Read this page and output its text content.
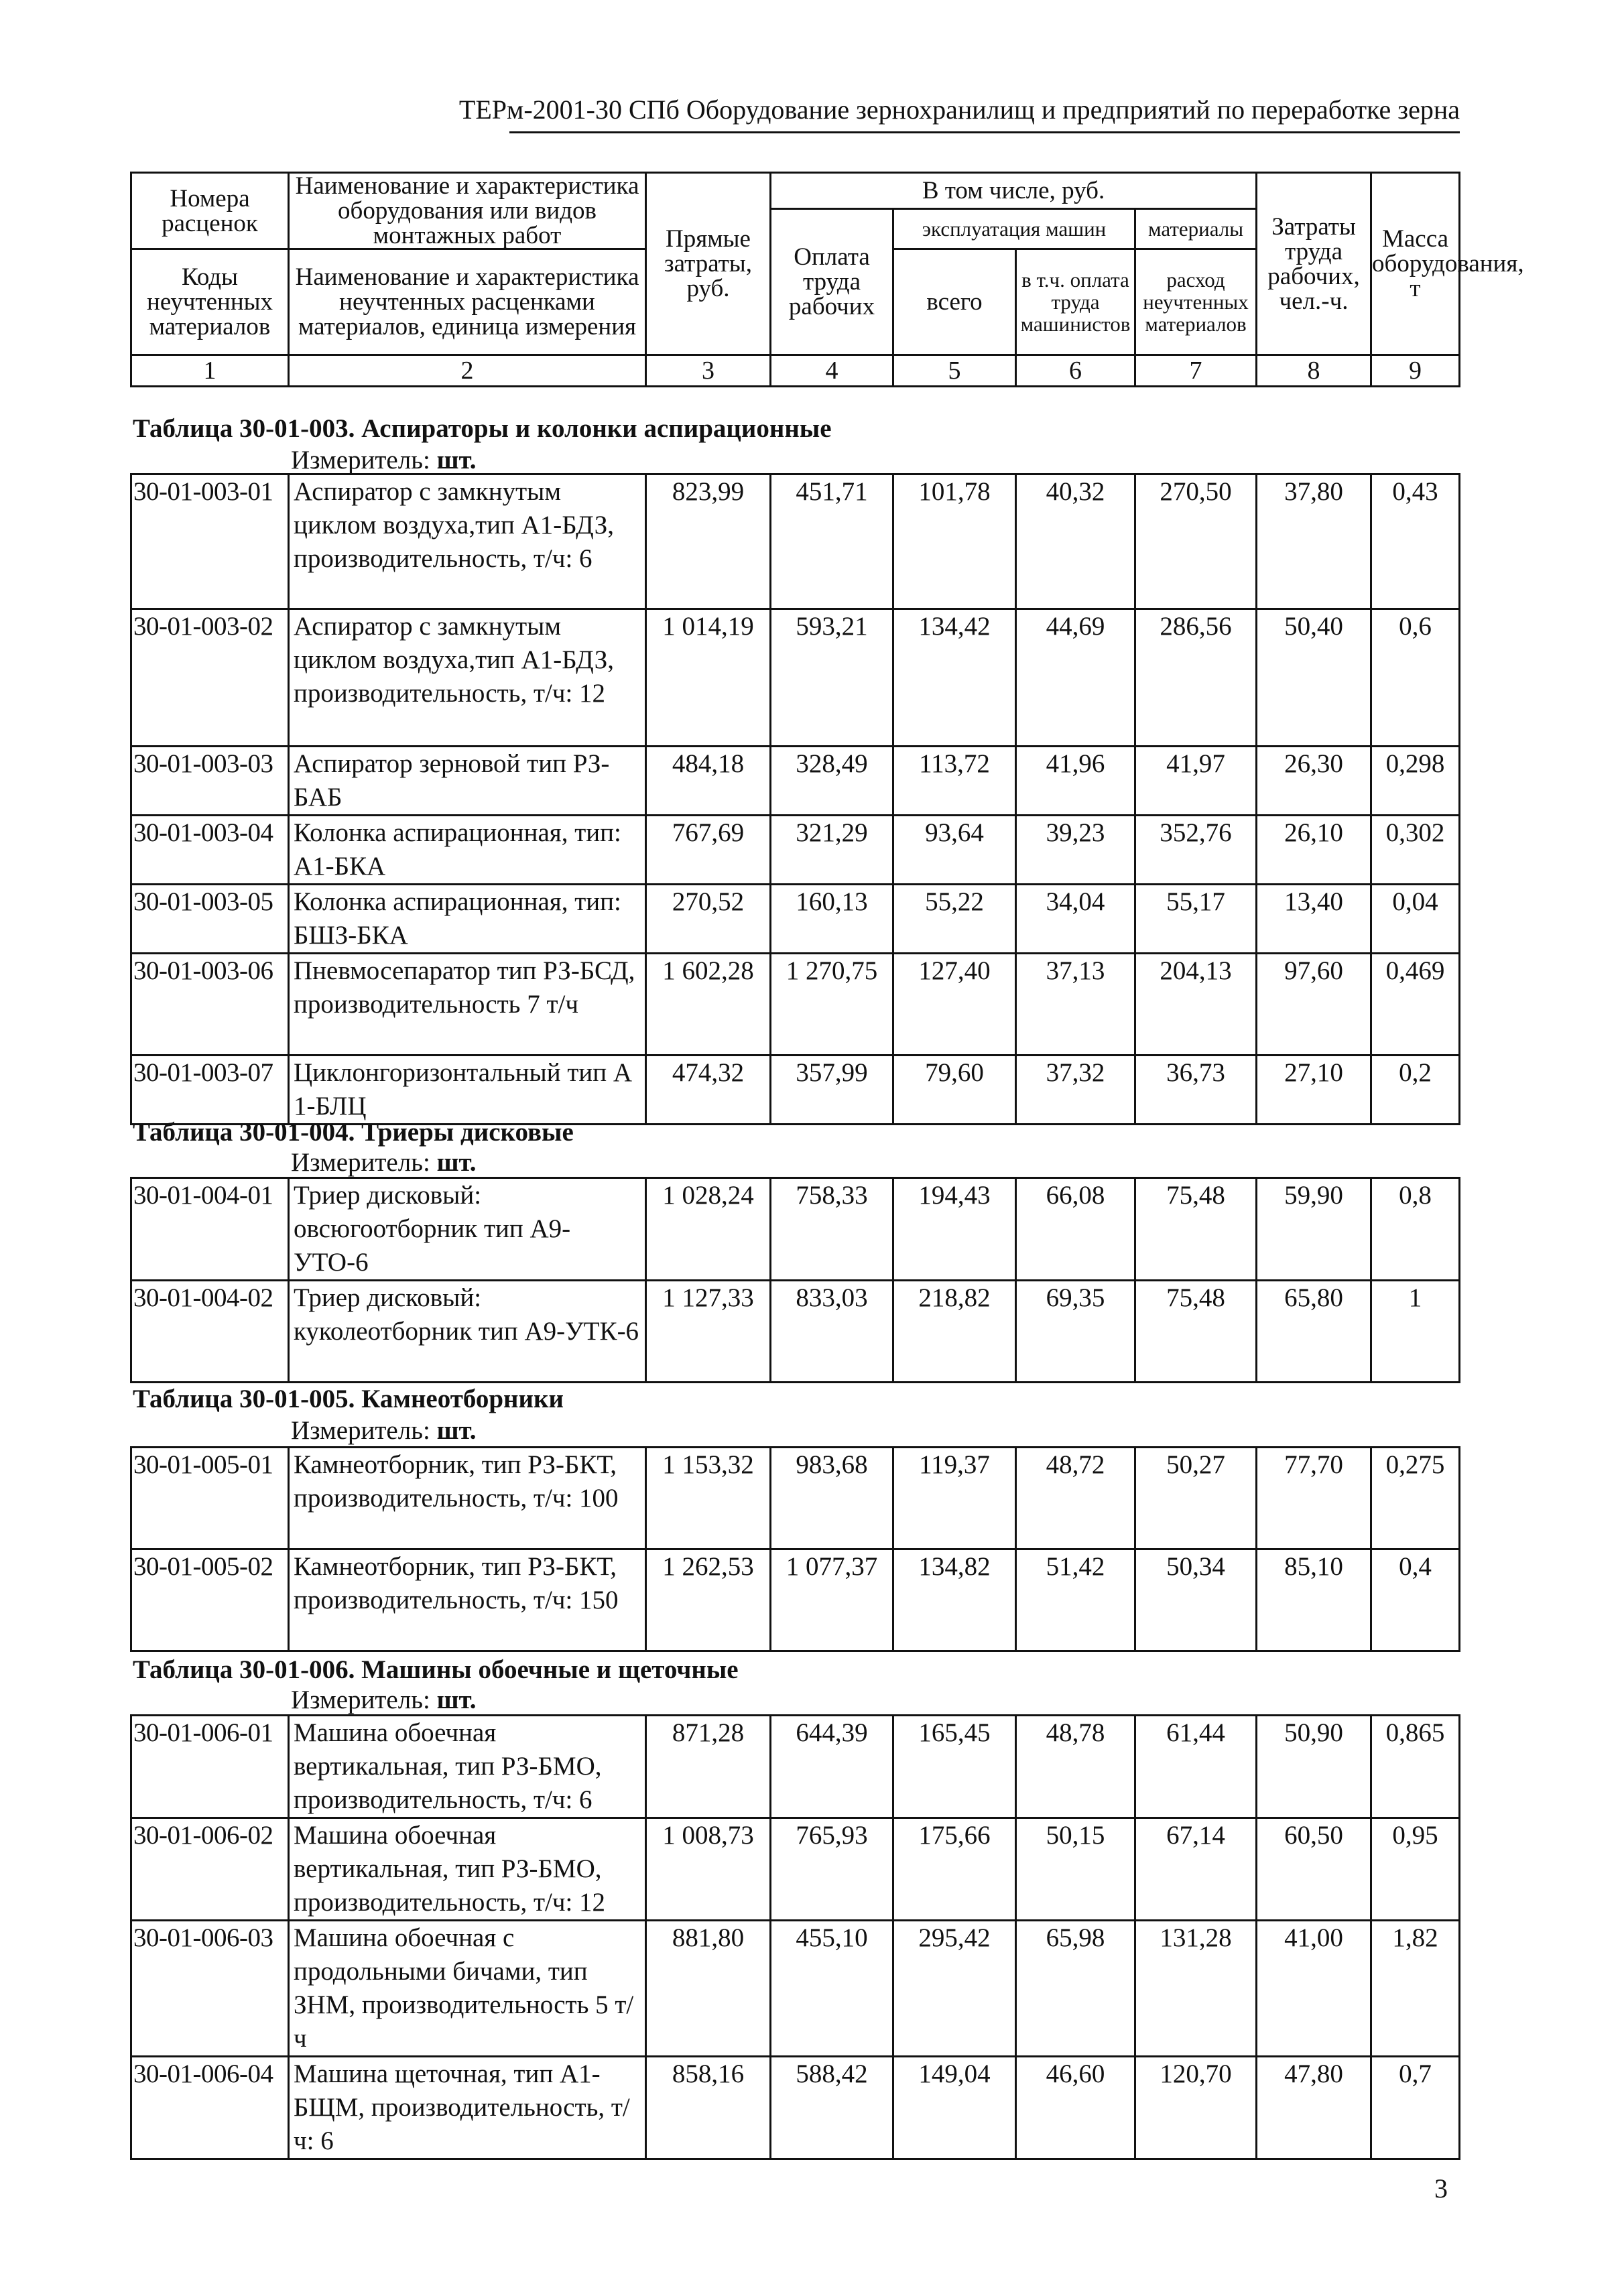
ТЕРм-2001-30 СПб Оборудование зернохранилищ и предприятий по переработке зерна
Номера расценок	Наименование и характеристика оборудования или видов монтажных работ	Прямые затраты, руб.	В том числе, руб.				Затраты труда рабочих, чел.-ч.	Масса оборудования, т
			Оплата труда рабочих	эксплуатация машин		материалы		
Коды неучтенных материалов	Наименование и характеристика неучтенных расценками материалов, единица измерения			всего	в т.ч. оплата труда машинистов	расход неучтенных материалов		

1	2	3	4	5	6	7	8	9
Таблица 30-01-003. Аспираторы и колонки аспирационные
Измеритель: шт.
30-01-003-01	Аспиратор с замкнутым циклом воздуха,тип А1-БДЗ, производительность, т/ч: 6	823,99	451,71	101,78	40,32	270,50	37,80	0,43
30-01-003-02	Аспиратор с замкнутым циклом воздуха,тип А1-БДЗ, производительность, т/ч: 12	1 014,19	593,21	134,42	44,69	286,56	50,40	0,6
30-01-003-03	Аспиратор зерновой тип РЗ-БАБ	484,18	328,49	113,72	41,96	41,97	26,30	0,298
30-01-003-04	Колонка аспирационная, тип: А1-БКА	767,69	321,29	93,64	39,23	352,76	26,10	0,302
30-01-003-05	Колонка аспирационная, тип: БШЗ-БКА	270,52	160,13	55,22	34,04	55,17	13,40	0,04
30-01-003-06	Пневмосепаратор тип РЗ-БСД, производительность 7 т/ч	1 602,28	1 270,75	127,40	37,13	204,13	97,60	0,469
30-01-003-07	Циклонгоризонтальный тип А 1-БЛЦ	474,32	357,99	79,60	37,32	36,73	27,10	0,2
Таблица 30-01-004. Триеры дисковые
Измеритель: шт.
30-01-004-01	Триер дисковый: овсюгоотборник тип А9-УТО-6	1 028,24	758,33	194,43	66,08	75,48	59,90	0,8
30-01-004-02	Триер дисковый: куколеотборник тип А9-УТК-6	1 127,33	833,03	218,82	69,35	75,48	65,80	1
Таблица 30-01-005. Камнеотборники
Измеритель: шт.
30-01-005-01	Камнеотборник, тип РЗ-БКТ, производительность, т/ч: 100	1 153,32	983,68	119,37	48,72	50,27	77,70	0,275
30-01-005-02	Камнеотборник, тип РЗ-БКТ, производительность, т/ч: 150	1 262,53	1 077,37	134,82	51,42	50,34	85,10	0,4
Таблица 30-01-006. Машины обоечные и щеточные
Измеритель: шт.
30-01-006-01	Машина обоечная вертикальная, тип РЗ-БМО, производительность, т/ч: 6	871,28	644,39	165,45	48,78	61,44	50,90	0,865
30-01-006-02	Машина обоечная вертикальная, тип РЗ-БМО, производительность, т/ч: 12	1 008,73	765,93	175,66	50,15	67,14	60,50	0,95
30-01-006-03	Машина обоечная с продольными бичами, тип ЗНМ, производительность 5 т/ч	881,80	455,10	295,42	65,98	131,28	41,00	1,82
30-01-006-04	Машина щеточная, тип А1-БЩМ, производительность, т/ч: 6	858,16	588,42	149,04	46,60	120,70	47,80	0,7
3
